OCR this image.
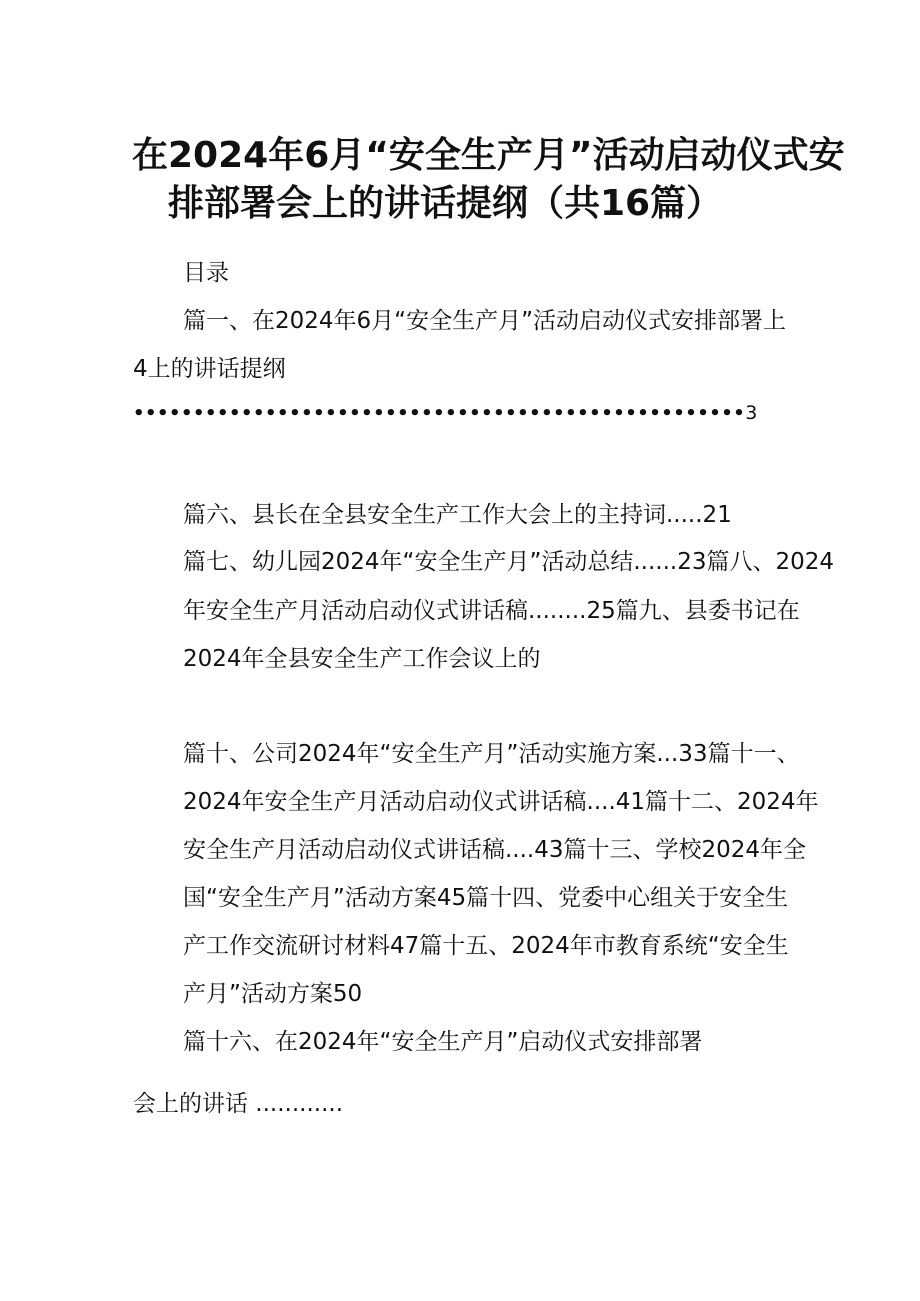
在2024年6月“安全生产月”活动启动仪式安
排部署会上的讲话提纲（共16篇）
目录
篇一、在2024年6月“安全生产月”活动启动仪式安排部署上
4上的讲话提纲
•••••••••••••••••••••••••••••••••••••••••••••••••••3
篇六、县长在全县安全生产工作大会上的主持词.....21
篇七、幼儿园2024年“安全生产月”活动总结......23篇八、2024
年安全生产月活动启动仪式讲话稿........25篇九、县委书记在
2024年全县安全生产工作会议上的
篇十、公司2024年“安全生产月”活动实施方案...33篇十一、
2024年安全生产月活动启动仪式讲话稿....41篇十二、2024年
安全生产月活动启动仪式讲话稿....43篇十三、学校2024年全
国“安全生产月”活动方案45篇十四、党委中心组关于安全生
产工作交流研讨材料47篇十五、2024年市教育系统“安全生
产月”活动方案50
篇十六、在2024年“安全生产月”启动仪式安排部署
会上的讲话 ............
